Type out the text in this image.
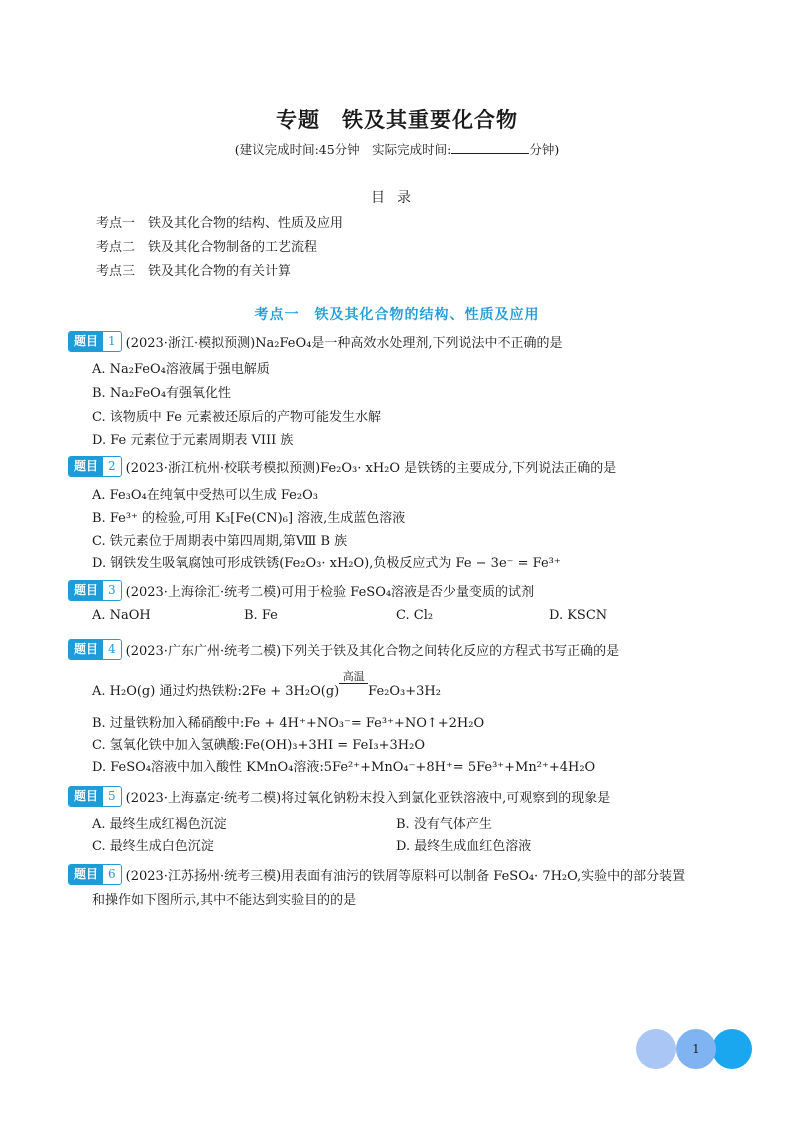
专题　铁及其重要化合物
(建议完成时间:45分钟　实际完成时间:	分钟)
目录
考点一　铁及其化合物的结构、性质及应用
考点二　铁及其化合物制备的工艺流程
考点三　铁及其化合物的有关计算
考点一　铁及其化合物的结构、性质及应用
题目 1 (2023·浙江·模拟预测)Na₂FeO₄是一种高效水处理剂,下列说法中不正确的是
A. Na₂FeO₄溶液属于强电解质
B. Na₂FeO₄有强氧化性
C. 该物质中 Fe 元素被还原后的产物可能发生水解
D. Fe 元素位于元素周期表 VIII 族
题目 2 (2023·浙江杭州·校联考模拟预测)Fe₂O₃· xH₂O 是铁锈的主要成分,下列说法正确的是
A. Fe₃O₄在纯氧中受热可以生成 Fe₂O₃
B. Fe³⁺ 的检验,可用 K₃[Fe(CN)₆] 溶液,生成蓝色溶液
C. 铁元素位于周期表中第四周期,第Ⅷ B 族
D. 钢铁发生吸氧腐蚀可形成铁锈(Fe₂O₃· xH₂O),负极反应式为 Fe − 3e⁻ = Fe³⁺
题目 3 (2023·上海徐汇·统考二模)可用于检验 FeSO₄溶液是否少量变质的试剂
A. NaOH	B. Fe	C. Cl₂	D. KSCN
题目 4 (2023·广东广州·统考二模)下列关于铁及其化合物之间转化反应的方程式书写正确的是
A. H₂O(g) 通过灼热铁粉:2Fe + 3H₂O(g)
高温
Fe₂O₃+3H₂
B. 过量铁粉加入稀硝酸中:Fe + 4H⁺+NO₃⁻= Fe³⁺+NO↑+2H₂O
C. 氢氧化铁中加入氢碘酸:Fe(OH)₃+3HI = FeI₃+3H₂O
D. FeSO₄溶液中加入酸性 KMnO₄溶液:5Fe²⁺+MnO₄⁻+8H⁺= 5Fe³⁺+Mn²⁺+4H₂O
题目 5 (2023·上海嘉定·统考二模)将过氧化钠粉末投入到氯化亚铁溶液中,可观察到的现象是
A. 最终生成红褐色沉淀	B. 没有气体产生
C. 最终生成白色沉淀	D. 最终生成血红色溶液
题目 6 (2023·江苏扬州·统考三模)用表面有油污的铁屑等原料可以制备 FeSO₄· 7H₂O,实验中的部分装置
和操作如下图所示,其中不能达到实验目的的是
1
